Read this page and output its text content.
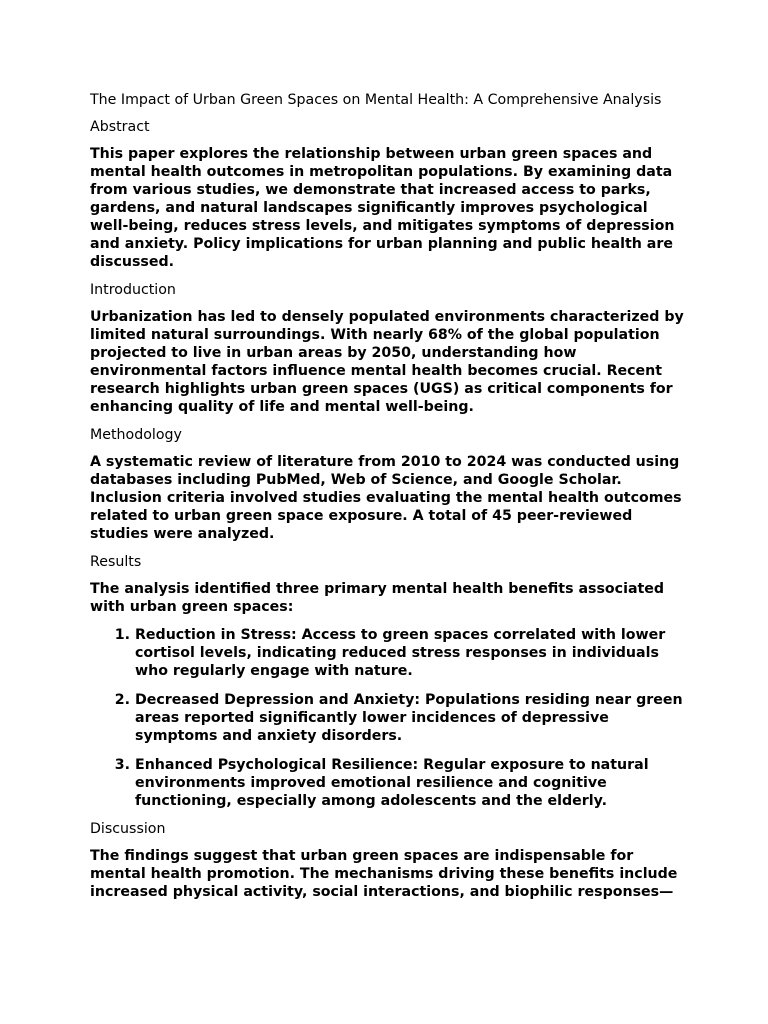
The Impact of Urban Green Spaces on Mental Health: A Comprehensive Analysis

Abstract

This paper explores the relationship between urban green spaces and mental health outcomes in metropolitan populations. By examining data from various studies, we demonstrate that increased access to parks, gardens, and natural landscapes significantly improves psychological well-being, reduces stress levels, and mitigates symptoms of depression and anxiety. Policy implications for urban planning and public health are discussed.

Introduction

Urbanization has led to densely populated environments characterized by limited natural surroundings. With nearly 68% of the global population projected to live in urban areas by 2050, understanding how environmental factors influence mental health becomes crucial. Recent research highlights urban green spaces (UGS) as critical components for enhancing quality of life and mental well-being.

Methodology

A systematic review of literature from 2010 to 2024 was conducted using databases including PubMed, Web of Science, and Google Scholar. Inclusion criteria involved studies evaluating the mental health outcomes related to urban green space exposure. A total of 45 peer-reviewed studies were analyzed.

Results

The analysis identified three primary mental health benefits associated with urban green spaces:

1. Reduction in Stress: Access to green spaces correlated with lower cortisol levels, indicating reduced stress responses in individuals who regularly engage with nature.
2. Decreased Depression and Anxiety: Populations residing near green areas reported significantly lower incidences of depressive symptoms and anxiety disorders.
3. Enhanced Psychological Resilience: Regular exposure to natural environments improved emotional resilience and cognitive functioning, especially among adolescents and the elderly.

Discussion

The findings suggest that urban green spaces are indispensable for mental health promotion. The mechanisms driving these benefits include increased physical activity, social interactions, and biophilic responses—
